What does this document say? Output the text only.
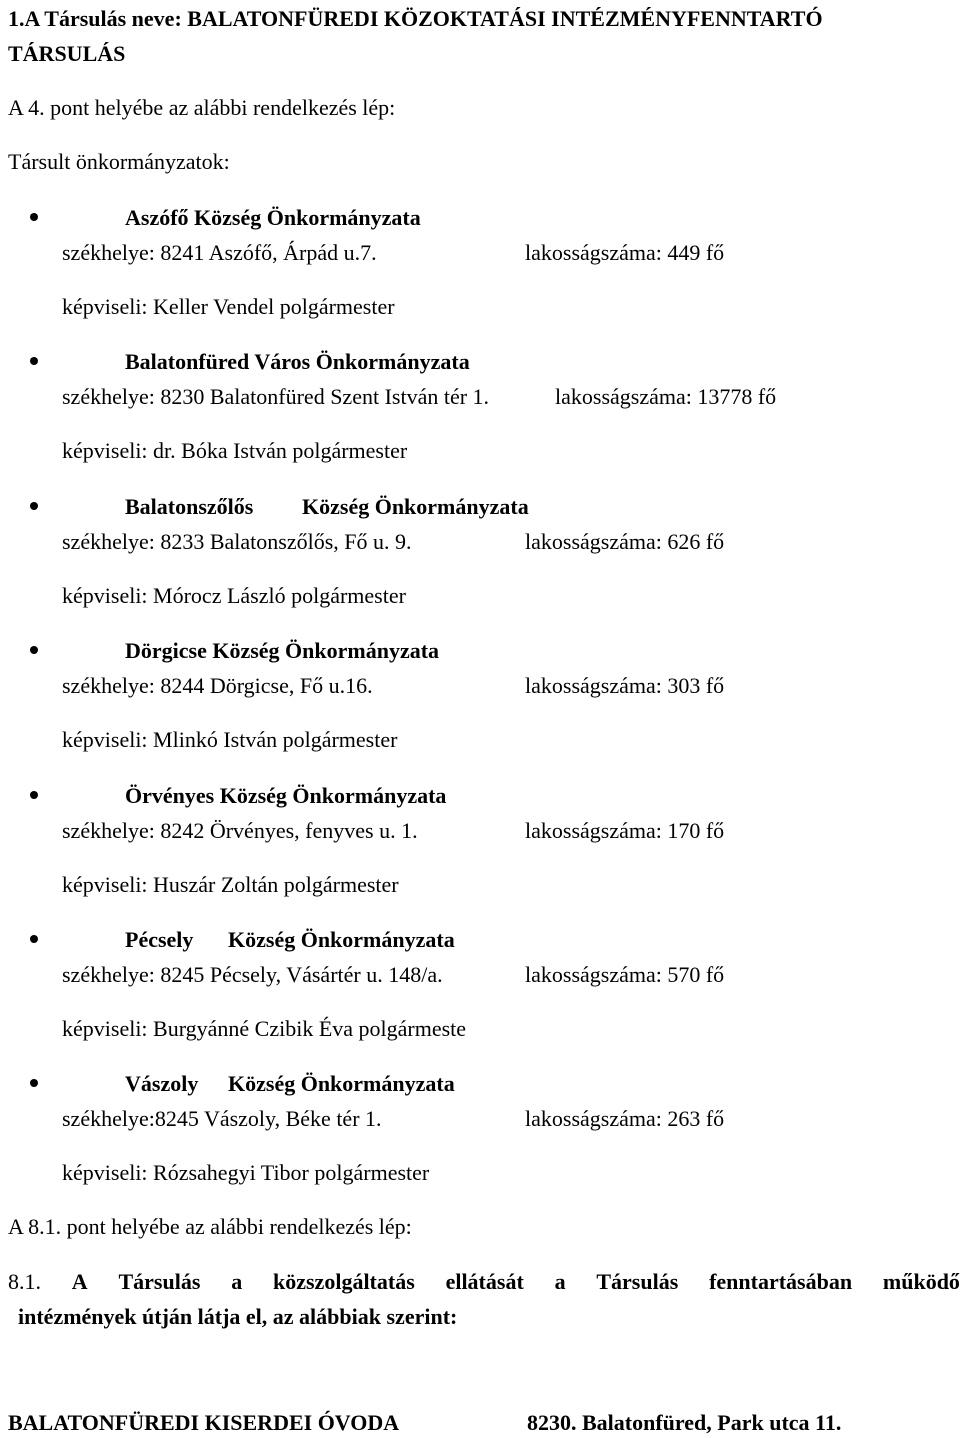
1.A Társulás neve: BALATONFÜREDI KÖZOKTATÁSI INTÉZMÉNYFENNTARTÓ
TÁRSULÁS
A 4. pont helyébe az alábbi rendelkezés lép:
Társult önkormányzatok:
Aszófő Község Önkormányzata
székhelye: 8241 Aszófő, Árpád u.7.	lakosságszáma: 449 fő
képviseli: Keller Vendel polgármester
Balatonfüred Város Önkormányzata
székhelye: 8230 Balatonfüred Szent István tér 1.	lakosságszáma: 13778 fő
képviseli: dr. Bóka István polgármester
Balatonszőlős Község Önkormányzata
székhelye: 8233 Balatonszőlős, Fő u. 9.	lakosságszáma: 626 fő
képviseli: Mórocz László polgármester
Dörgicse Község Önkormányzata
székhelye: 8244 Dörgicse, Fő u.16.	lakosságszáma: 303 fő
képviseli: Mlinkó István polgármester
Örvényes Község Önkormányzata
székhelye: 8242 Örvényes, fenyves u. 1.	lakosságszáma: 170 fő
képviseli: Huszár Zoltán polgármester
Pécsely Község Önkormányzata
székhelye: 8245 Pécsely, Vásártér u. 148/a.	lakosságszáma: 570 fő
képviseli: Burgyánné Czibik Éva polgármeste
Vászoly Község Önkormányzata
székhelye:8245 Vászoly, Béke tér 1.	lakosságszáma: 263 fő
képviseli: Rózsahegyi Tibor polgármester
A 8.1. pont helyébe az alábbi rendelkezés lép:
8.1. A Társulás a közszolgáltatás ellátását a Társulás fenntartásában működő
intézmények útján látja el, az alábbiak szerint:
BALATONFÜREDI KISERDEI ÓVODA	8230. Balatonfüred, Park utca 11.
